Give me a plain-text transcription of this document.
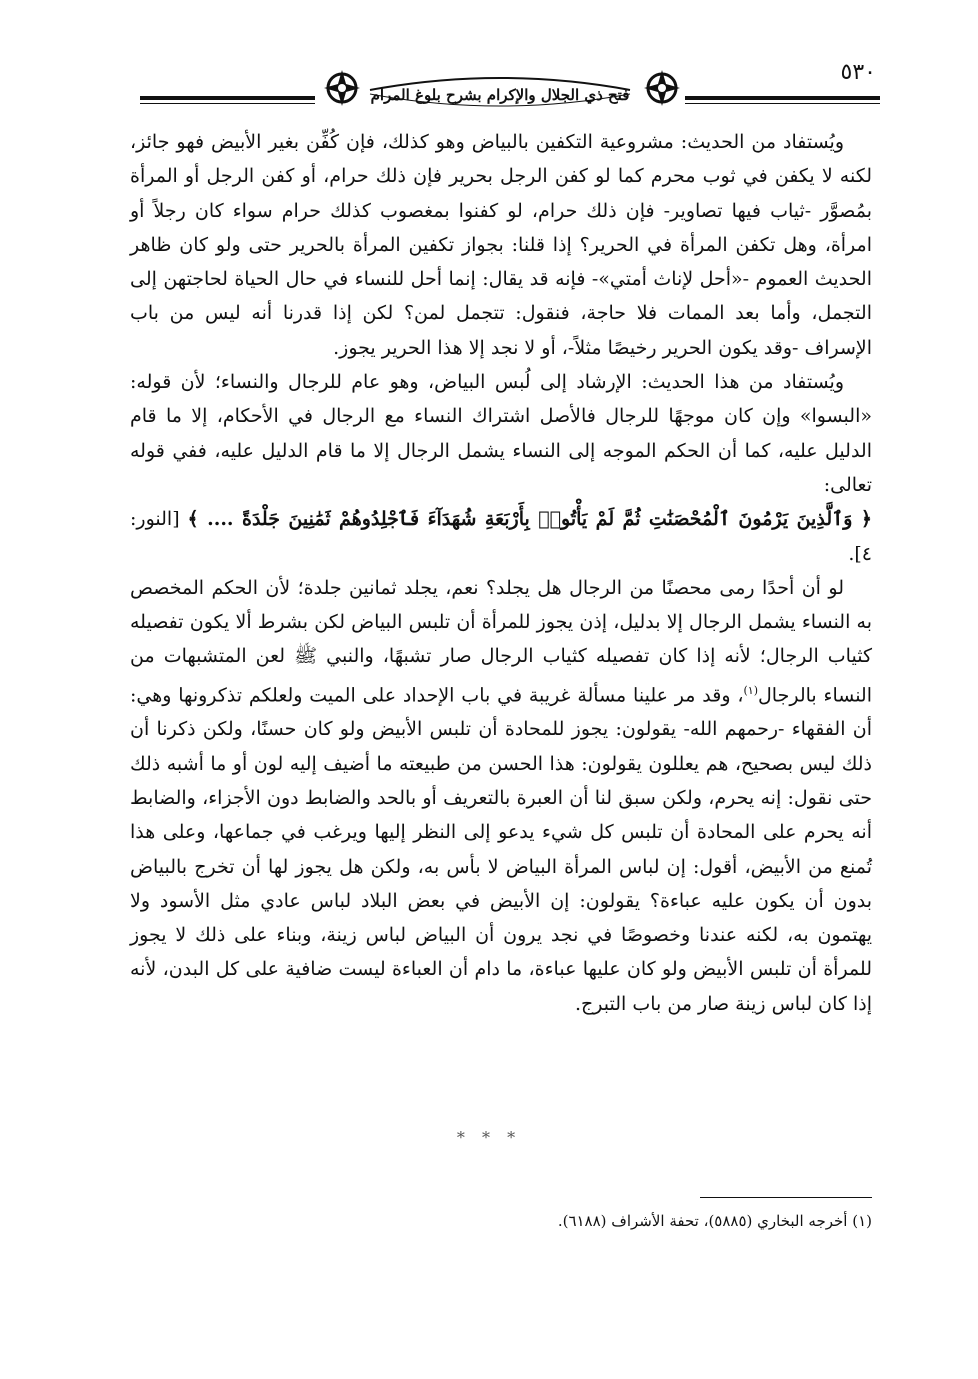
فتح ذي الجلال والإكرام بشرح بلوغ المرام
٥٣٠

ويُستفاد من الحديث: مشروعية التكفين بالبياض وهو كذلك، فإن كُفِّن بغير الأبيض فهو جائز، لكنه لا يكفن في ثوب محرم كما لو كفن الرجل بحرير فإن ذلك حرام، أو كفن الرجل أو المرأة بمُصوَّر -ثياب فيها تصاوير- فإن ذلك حرام، لو كفنوا بمغصوب كذلك حرام سواء كان رجلاً أو امرأة، وهل تكفن المرأة في الحرير؟ إذا قلنا: بجواز تكفين المرأة بالحرير حتى ولو كان ظاهر الحديث العموم -«أحل لإناث أمتي»- فإنه قد يقال: إنما أحل للنساء في حال الحياة لحاجتهن إلى التجمل، وأما بعد الممات فلا حاجة، فنقول: تتجمل لمن؟ لكن إذا قدرنا أنه ليس من باب الإسراف -وقد يكون الحرير رخيصًا مثلاً-، أو لا نجد إلا هذا الحرير يجوز.

ويُستفاد من هذا الحديث: الإرشاد إلى لُبس البياض، وهو عام للرجال والنساء؛ لأن قوله: «البسوا» وإن كان موجهًا للرجال فالأصل اشتراك النساء مع الرجال في الأحكام، إلا ما قام الدليل عليه، كما أن الحكم الموجه إلى النساء يشمل الرجال إلا ما قام الدليل عليه، ففي قوله تعالى:

﴿ وَٱلَّذِينَ يَرْمُونَ ٱلْمُحْصَنَٰتِ ثُمَّ لَمْ يَأْتُوا۟ بِأَرْبَعَةِ شُهَدَآءَ فَٱجْلِدُوهُمْ ثَمَٰنِينَ جَلْدَةً .... ﴾ [النور: ٤].

لو أن أحدًا رمى محصنًا من الرجال هل يجلد؟ نعم، يجلد ثمانين جلدة؛ لأن الحكم المخصص به النساء يشمل الرجال إلا بدليل، إذن يجوز للمرأة أن تلبس البياض لكن بشرط ألا يكون تفصيله كثياب الرجال؛ لأنه إذا كان تفصيله كثياب الرجال صار تشبهًا، والنبي ﷺ لعن المتشبهات من النساء بالرجال$^{(١)}$، وقد مر علينا مسألة غريبة في باب الإحداد على الميت ولعلكم تذكرونها وهي: أن الفقهاء -رحمهم الله- يقولون: يجوز للمحادة أن تلبس الأبيض ولو كان حسنًا، ولكن ذكرنا أن ذلك ليس بصحيح، هم يعللون يقولون: هذا الحسن من طبيعته ما أضيف إليه لون أو ما أشبه ذلك حتى نقول: إنه يحرم، ولكن سبق لنا أن العبرة بالتعريف أو بالحد والضابط دون الأجزاء، والضابط أنه يحرم على المحادة أن تلبس كل شيء يدعو إلى النظر إليها ويرغب في جماعها، وعلى هذا تُمنع من الأبيض، أقول: إن لباس المرأة البياض لا بأس به، ولكن هل يجوز لها أن تخرج بالبياض بدون أن يكون عليه عباءة؟ يقولون: إن الأبيض في بعض البلاد لباس عادي مثل الأسود ولا يهتمون به، لكنه عندنا وخصوصًا في نجد يرون أن البياض لباس زينة، وبناء على ذلك لا يجوز للمرأة أن تلبس الأبيض ولو كان عليها عباءة، ما دام أن العباءة ليست ضافية على كل البدن، لأنه إذا كان لباس زينة صار من باب التبرج.

* * *
(١) أخرجه البخاري (٥٨٨٥)، تحفة الأشراف (٦١٨٨).
